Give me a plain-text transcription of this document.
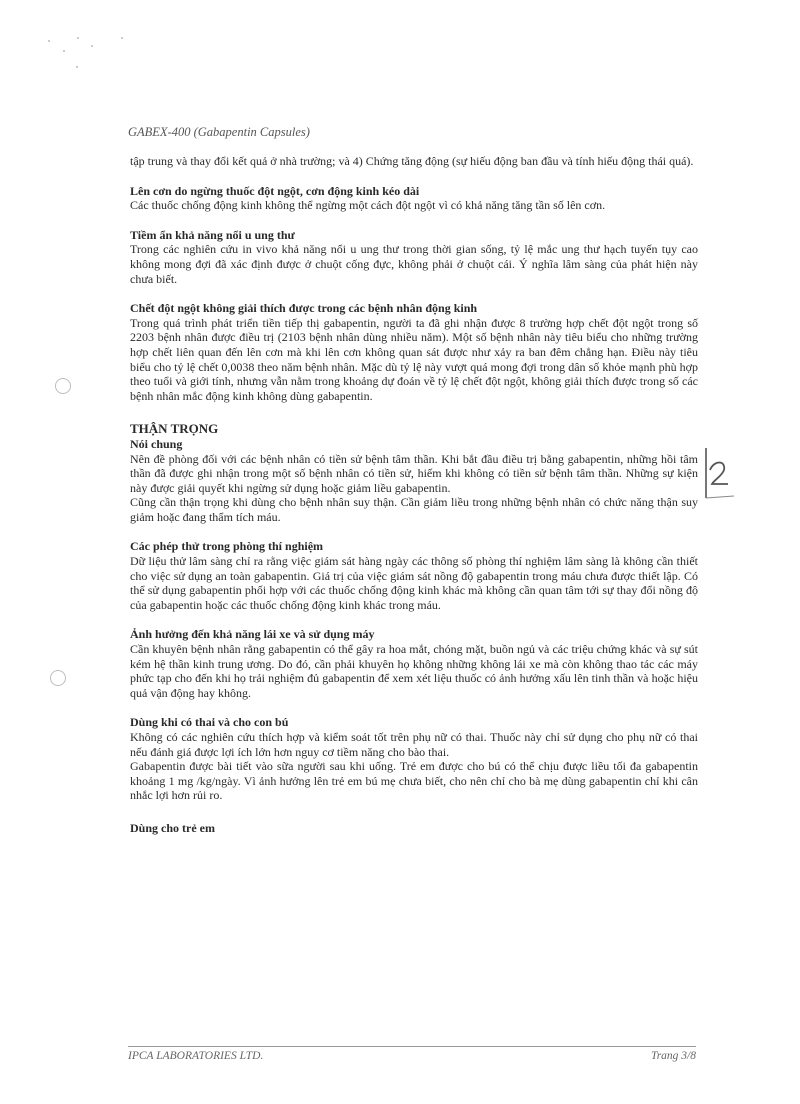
GABEX-400 (Gabapentin Capsules)

tập trung và thay đổi kết quả ở nhà trường; và 4) Chứng tăng động (sự hiếu động ban đầu và tính hiếu động thái quá).

Lên cơn do ngừng thuốc đột ngột, cơn động kinh kéo dài

Các thuốc chống động kinh không thể ngừng một cách đột ngột vì có khả năng tăng tần số lên cơn.

Tiềm ẩn khả năng nổi u ung thư

Trong các nghiên cứu in vivo khả năng nổi u ung thư trong thời gian sống, tỷ lệ mắc ung thư hạch tuyến tụy cao không mong đợi đã xác định được ở chuột cống đực, không phải ở chuột cái. Ý nghĩa lâm sàng của phát hiện này chưa biết.

Chết đột ngột không giải thích được trong các bệnh nhân động kinh

Trong quá trình phát triển tiền tiếp thị gabapentin, người ta đã ghi nhận được 8 trường hợp chết đột ngột trong số 2203 bệnh nhân được điều trị (2103 bệnh nhân dùng nhiều năm). Một số bệnh nhân này tiêu biểu cho những trường hợp chết liên quan đến lên cơn mà khi lên cơn không quan sát được như xảy ra ban đêm chẳng hạn. Điều này tiêu biểu cho tỷ lệ chết 0,0038 theo năm bệnh nhân. Mặc dù tỷ lệ này vượt quá mong đợi trong dân số khỏe mạnh phù hợp theo tuổi và giới tính, nhưng vẫn nằm trong khoảng dự đoán về tỷ lệ chết đột ngột, không giải thích được trong số các bệnh nhân mắc động kinh không dùng gabapentin.

THẬN TRỌNG
Nói chung

Nên đề phòng đối với các bệnh nhân có tiền sử bệnh tâm thần. Khi bắt đầu điều trị bằng gabapentin, những hồi tâm thần đã được ghi nhận trong một số bệnh nhân có tiền sử, hiếm khi không có tiền sử bệnh tâm thần. Những sự kiện này được giải quyết khi ngừng sử dụng hoặc giảm liều gabapentin.

Cũng cần thận trọng khi dùng cho bệnh nhân suy thận. Cần giảm liều trong những bệnh nhân có chức năng thận suy giảm hoặc đang thẩm tích máu.

Các phép thử trong phòng thí nghiệm

Dữ liệu thử lâm sàng chỉ ra rằng việc giám sát hàng ngày các thông số phòng thí nghiệm lâm sàng là không cần thiết cho việc sử dụng an toàn gabapentin. Giá trị của việc giám sát nồng độ gabapentin trong máu chưa được thiết lập. Có thể sử dụng gabapentin phối hợp với các thuốc chống động kinh khác mà không cần quan tâm tới sự thay đổi nồng độ của gabapentin hoặc các thuốc chống động kinh khác trong máu.

Ảnh hưởng đến khả năng lái xe và sử dụng máy

Cần khuyên bệnh nhân rằng gabapentin có thể gây ra hoa mắt, chóng mặt, buồn ngủ và các triệu chứng khác và sự sút kém hệ thần kinh trung ương. Do đó, cần phải khuyên họ không những không lái xe mà còn không thao tác các máy phức tạp cho đến khi họ trải nghiệm đủ gabapentin để xem xét liệu thuốc có ảnh hưởng xấu lên tinh thần và hoặc hiệu quả vận động hay không.

Dùng khi có thai và cho con bú

Không có các nghiên cứu thích hợp và kiểm soát tốt trên phụ nữ có thai. Thuốc này chỉ sử dụng cho phụ nữ có thai nếu đánh giá được lợi ích lớn hơn nguy cơ tiềm năng cho bào thai.

Gabapentin được bài tiết vào sữa người sau khi uống. Trẻ em được cho bú có thể chịu được liều tối đa gabapentin khoảng 1 mg /kg/ngày. Vì ảnh hưởng lên trẻ em bú mẹ chưa biết, cho nên chỉ cho bà mẹ dùng gabapentin chỉ khi cân nhắc lợi hơn rủi ro.

Dùng cho trẻ em
IPCA LABORATORIES LTD.	Trang 3/8
